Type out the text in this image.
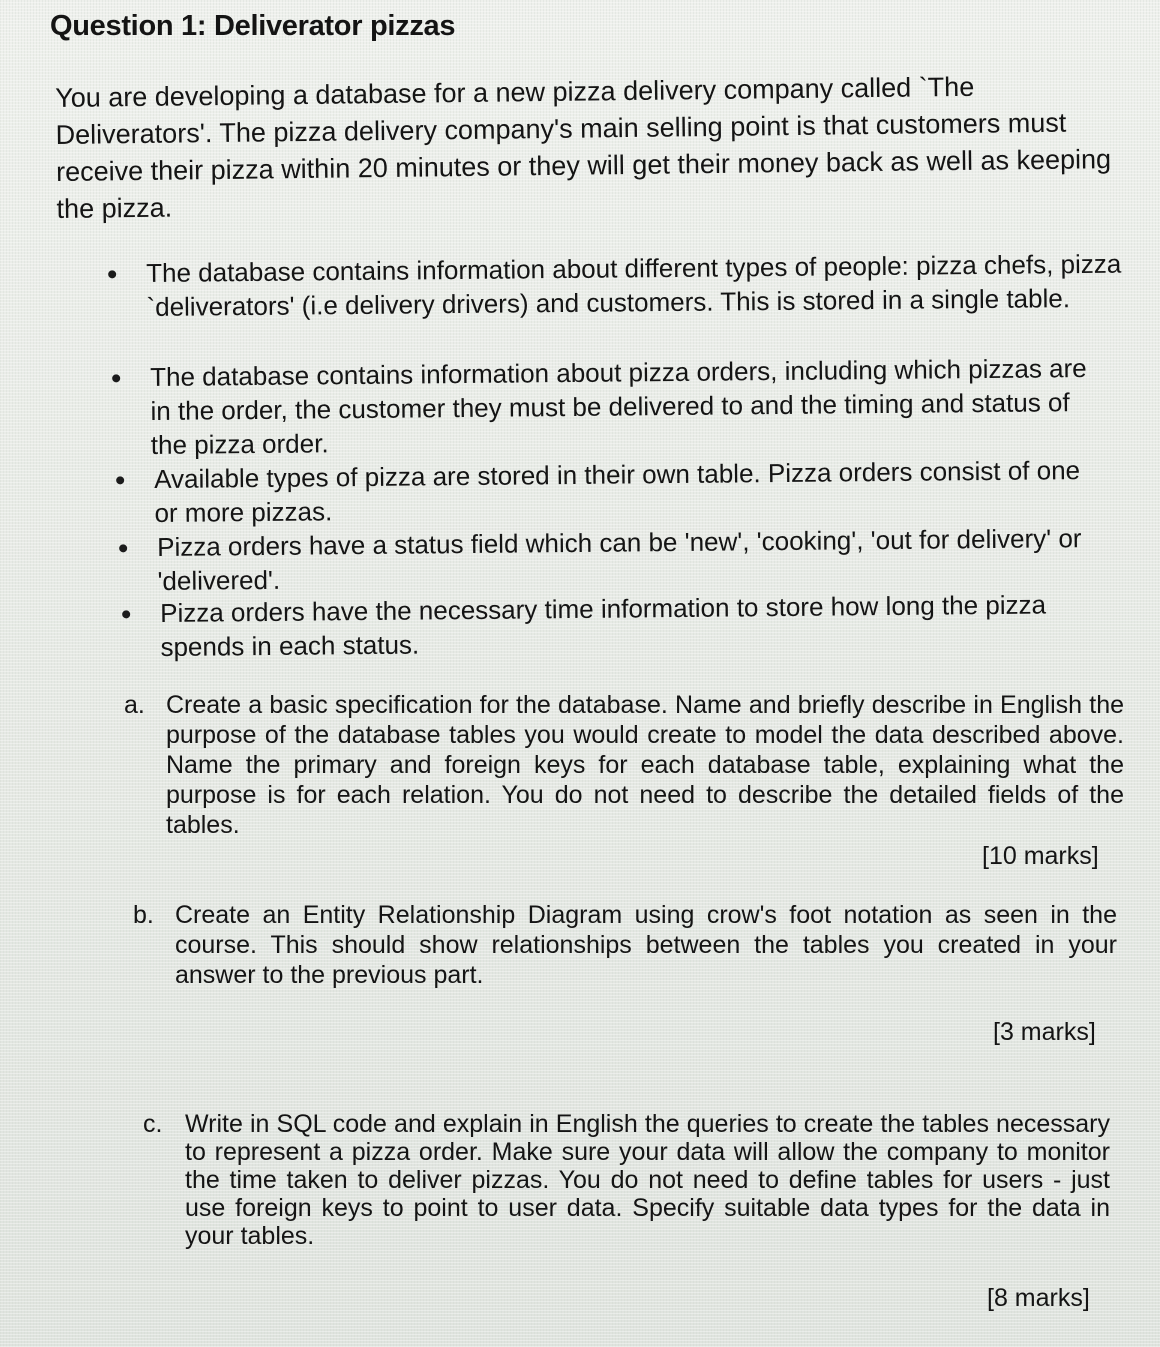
Question 1: Deliverator pizzas
You are developing a database for a new pizza delivery company called `The Deliverators'. The pizza delivery company's main selling point is that customers must receive their pizza within 20 minutes or they will get their money back as well as keeping the pizza.
The database contains information about different types of people: pizza chefs, pizza `deliverators' (i.e delivery drivers) and customers. This is stored in a single table.
The database contains information about pizza orders, including which pizzas are in the order, the customer they must be delivered to and the timing and status of the pizza order.
Available types of pizza are stored in their own table. Pizza orders consist of one or more pizzas.
Pizza orders have a status field which can be 'new', 'cooking', 'out for delivery' or 'delivered'.
Pizza orders have the necessary time information to store how long the pizza spends in each status.
a. Create a basic specification for the database. Name and briefly describe in English the purpose of the database tables you would create to model the data described above. Name the primary and foreign keys for each database table, explaining what the purpose is for each relation. You do not need to describe the detailed fields of the tables.
[10 marks]
b. Create an Entity Relationship Diagram using crow's foot notation as seen in the course. This should show relationships between the tables you created in your answer to the previous part.
[3 marks]
c. Write in SQL code and explain in English the queries to create the tables necessary to represent a pizza order. Make sure your data will allow the company to monitor the time taken to deliver pizzas. You do not need to define tables for users - just use foreign keys to point to user data. Specify suitable data types for the data in your tables.
[8 marks]
